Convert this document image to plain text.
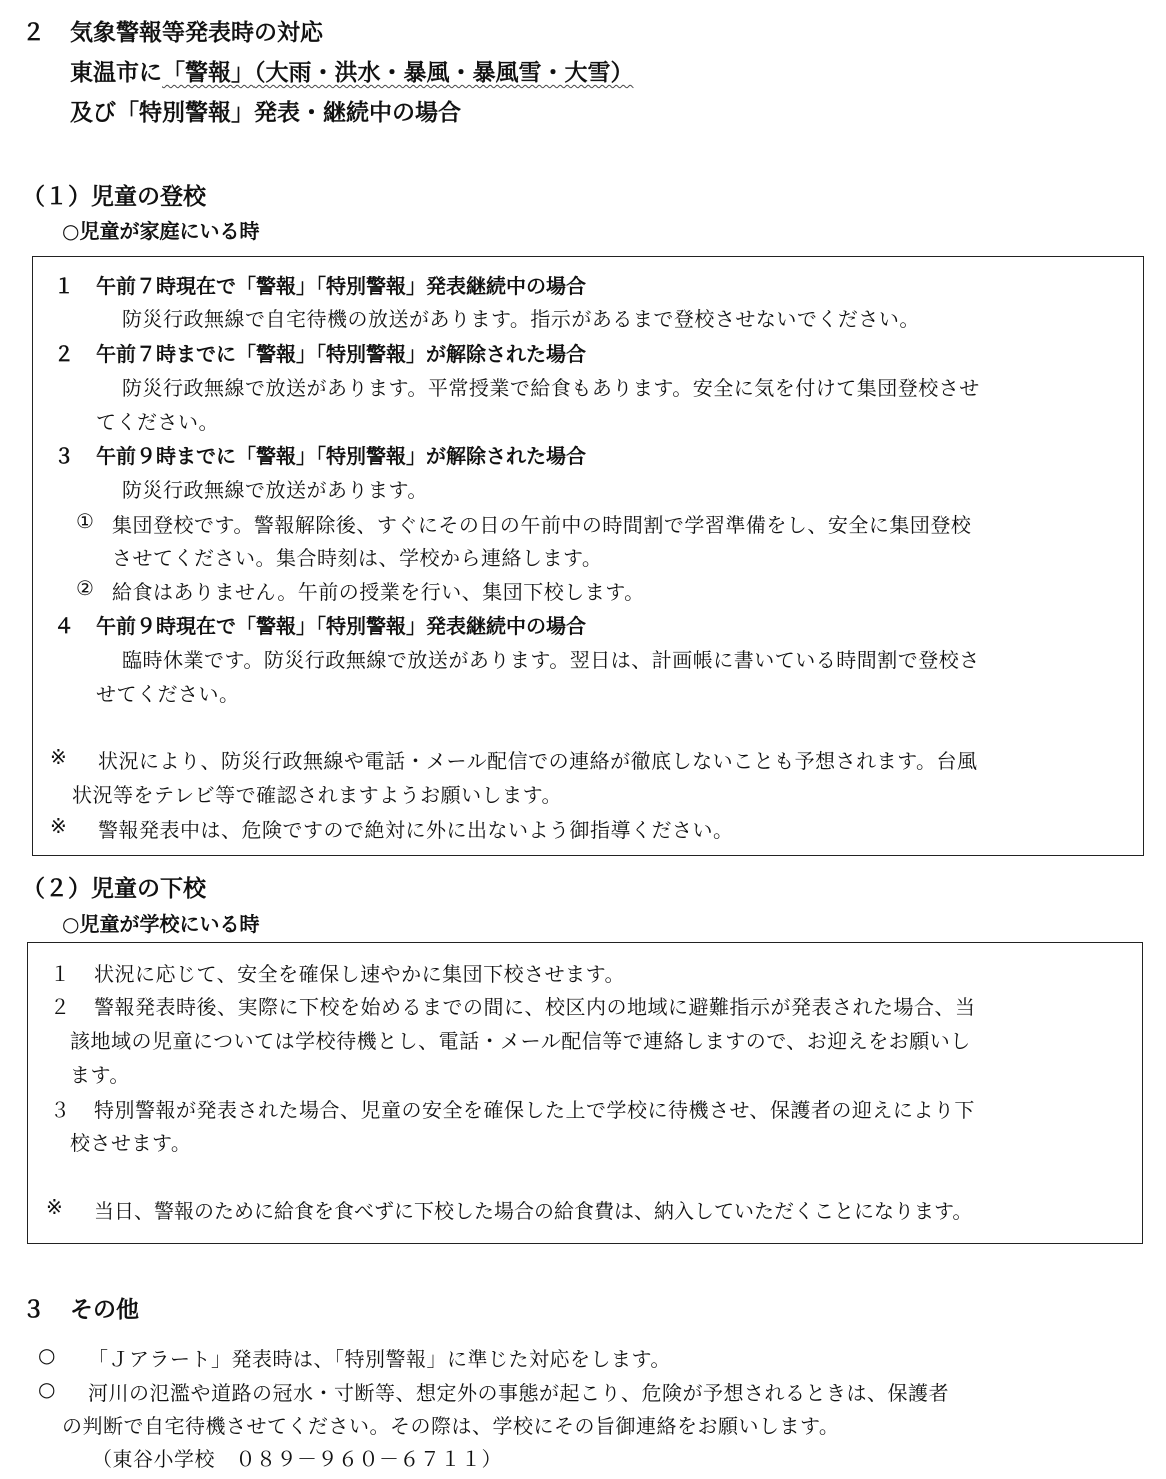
２ 気象警報等発表時の対応
東温市に「警報」（大雨・洪水・暴風・暴風雪・大雪）
及び「特別警報」発表・継続中の場合
（１）児童の登校
○児童が家庭にいる時
１ 午前７時現在で「警報」「特別警報」発表継続中の場合
防災行政無線で自宅待機の放送があります。指示があるまで登校させないでください。
２ 午前７時までに「警報」「特別警報」が解除された場合
防災行政無線で放送があります。平常授業で給食もあります。安全に気を付けて集団登校させ
てください。
３ 午前９時までに「警報」「特別警報」が解除された場合
防災行政無線で放送があります。
① 集団登校です。警報解除後、すぐにその日の午前中の時間割で学習準備をし、安全に集団登校
させてください。集合時刻は、学校から連絡します。
② 給食はありません。午前の授業を行い、集団下校します。
４ 午前９時現在で「警報」「特別警報」発表継続中の場合
臨時休業です。防災行政無線で放送があります。翌日は、計画帳に書いている時間割で登校さ
せてください。
※ 状況により、防災行政無線や電話・メール配信での連絡が徹底しないことも予想されます。台風
状況等をテレビ等で確認されますようお願いします。
※ 警報発表中は、危険ですので絶対に外に出ないよう御指導ください。
（２）児童の下校
○児童が学校にいる時
１ 状況に応じて、安全を確保し速やかに集団下校させます。
２ 警報発表時後、実際に下校を始めるまでの間に、校区内の地域に避難指示が発表された場合、当
該地域の児童については学校待機とし、電話・メール配信等で連絡しますので、お迎えをお願いし
ます。
３ 特別警報が発表された場合、児童の安全を確保した上で学校に待機させ、保護者の迎えにより下
校させます。
※ 当日、警報のために給食を食べずに下校した場合の給食費は、納入していただくことになります。
３ その他
○ 「Ｊアラート」発表時は、「特別警報」に準じた対応をします。
○ 河川の氾濫や道路の冠水・寸断等、想定外の事態が起こり、危険が予想されるときは、保護者
の判断で自宅待機させてください。その際は、学校にその旨御連絡をお願いします。
（東谷小学校　０８９－９６０－６７１１）
